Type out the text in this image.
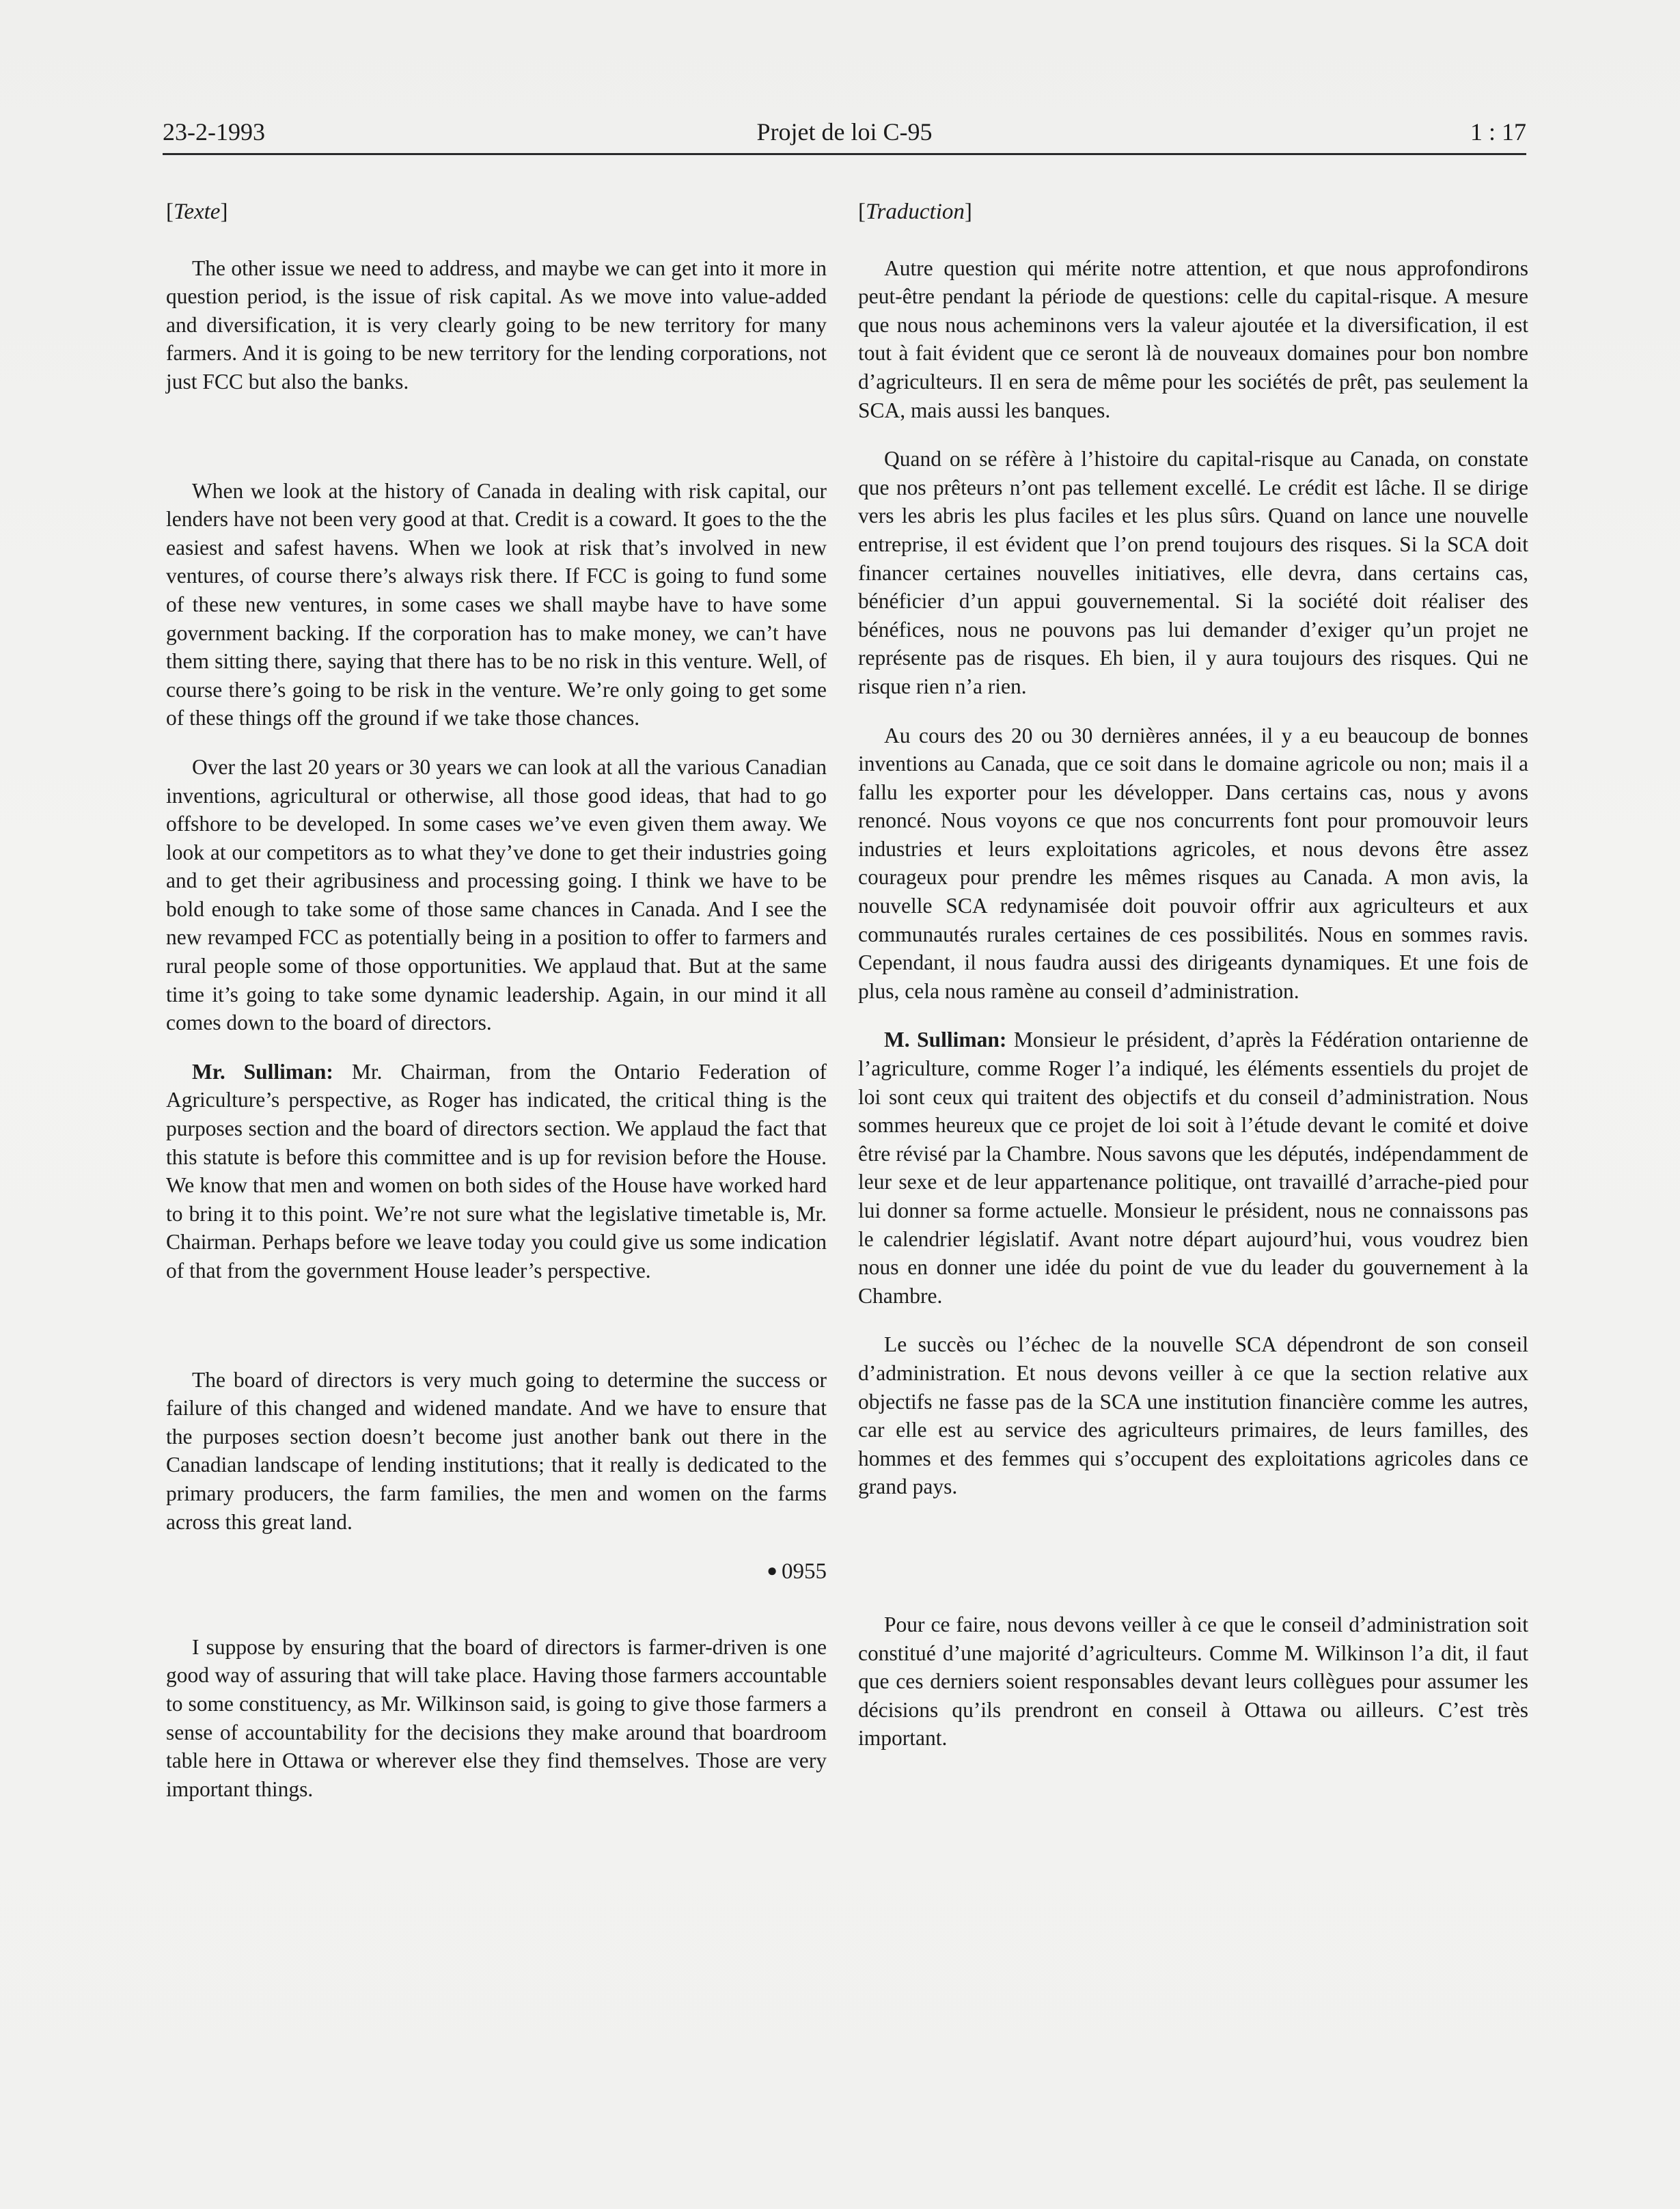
23-2-1993	Projet de loi C-95	1 : 17

[Texte]

The other issue we need to address, and maybe we can get into it more in question period, is the issue of risk capital. As we move into value-added and diversification, it is very clearly going to be new territory for many farmers. And it is going to be new territory for the lending corporations, not just FCC but also the banks.

When we look at the history of Canada in dealing with risk capital, our lenders have not been very good at that. Credit is a coward. It goes to the the easiest and safest havens. When we look at risk that’s involved in new ventures, of course there’s always risk there. If FCC is going to fund some of these new ventures, in some cases we shall maybe have to have some government backing. If the corporation has to make money, we can’t have them sitting there, saying that there has to be no risk in this venture. Well, of course there’s going to be risk in the venture. We’re only going to get some of these things off the ground if we take those chances.

Over the last 20 years or 30 years we can look at all the various Canadian inventions, agricultural or otherwise, all those good ideas, that had to go offshore to be developed. In some cases we’ve even given them away. We look at our competitors as to what they’ve done to get their industries going and to get their agribusiness and processing going. I think we have to be bold enough to take some of those same chances in Canada. And I see the new revamped FCC as potentially being in a position to offer to farmers and rural people some of those opportunities. We applaud that. But at the same time it’s going to take some dynamic leadership. Again, in our mind it all comes down to the board of directors.

Mr. Sulliman: Mr. Chairman, from the Ontario Federation of Agriculture’s perspective, as Roger has indicated, the critical thing is the purposes section and the board of directors section. We applaud the fact that this statute is before this committee and is up for revision before the House. We know that men and women on both sides of the House have worked hard to bring it to this point. We’re not sure what the legislative timetable is, Mr. Chairman. Perhaps before we leave today you could give us some indication of that from the government House leader’s perspective.

The board of directors is very much going to determine the success or failure of this changed and widened mandate. And we have to ensure that the purposes section doesn’t become just another bank out there in the Canadian landscape of lending institutions; that it really is dedicated to the primary producers, the farm families, the men and women on the farms across this great land.

● 0955

I suppose by ensuring that the board of directors is farmer-driven is one good way of assuring that will take place. Having those farmers accountable to some constituency, as Mr. Wilkinson said, is going to give those farmers a sense of accountability for the decisions they make around that boardroom table here in Ottawa or wherever else they find themselves. Those are very important things.

[Traduction]

Autre question qui mérite notre attention, et que nous approfondirons peut-être pendant la période de questions: celle du capital-risque. A mesure que nous nous acheminons vers la valeur ajoutée et la diversification, il est tout à fait évident que ce seront là de nouveaux domaines pour bon nombre d’agriculteurs. Il en sera de même pour les sociétés de prêt, pas seulement la SCA, mais aussi les banques.

Quand on se réfère à l’histoire du capital-risque au Canada, on constate que nos prêteurs n’ont pas tellement excellé. Le crédit est lâche. Il se dirige vers les abris les plus faciles et les plus sûrs. Quand on lance une nouvelle entreprise, il est évident que l’on prend toujours des risques. Si la SCA doit financer certaines nouvelles initiatives, elle devra, dans certains cas, bénéficier d’un appui gouvernemental. Si la société doit réaliser des bénéfices, nous ne pouvons pas lui demander d’exiger qu’un projet ne représente pas de risques. Eh bien, il y aura toujours des risques. Qui ne risque rien n’a rien.

Au cours des 20 ou 30 dernières années, il y a eu beaucoup de bonnes inventions au Canada, que ce soit dans le domaine agricole ou non; mais il a fallu les exporter pour les développer. Dans certains cas, nous y avons renoncé. Nous voyons ce que nos concurrents font pour promouvoir leurs industries et leurs exploitations agricoles, et nous devons être assez courageux pour prendre les mêmes risques au Canada. A mon avis, la nouvelle SCA redynamisée doit pouvoir offrir aux agriculteurs et aux communautés rurales certaines de ces possibilités. Nous en sommes ravis. Cependant, il nous faudra aussi des dirigeants dynamiques. Et une fois de plus, cela nous ramène au conseil d’administration.

M. Sulliman: Monsieur le président, d’après la Fédération ontarienne de l’agriculture, comme Roger l’a indiqué, les éléments essentiels du projet de loi sont ceux qui traitent des objectifs et du conseil d’administration. Nous sommes heureux que ce projet de loi soit à l’étude devant le comité et doive être révisé par la Chambre. Nous savons que les députés, indépendamment de leur sexe et de leur appartenance politique, ont travaillé d’arrache-pied pour lui donner sa forme actuelle. Monsieur le président, nous ne connaissons pas le calendrier législatif. Avant notre départ aujourd’hui, vous voudrez bien nous en donner une idée du point de vue du leader du gouvernement à la Chambre.

Le succès ou l’échec de la nouvelle SCA dépendront de son conseil d’administration. Et nous devons veiller à ce que la section relative aux objectifs ne fasse pas de la SCA une institution financière comme les autres, car elle est au service des agriculteurs primaires, de leurs familles, des hommes et des femmes qui s’occupent des exploitations agricoles dans ce grand pays.

Pour ce faire, nous devons veiller à ce que le conseil d’administration soit constitué d’une majorité d’agriculteurs. Comme M. Wilkinson l’a dit, il faut que ces derniers soient responsables devant leurs collègues pour assumer les décisions qu’ils prendront en conseil à Ottawa ou ailleurs. C’est très important.
